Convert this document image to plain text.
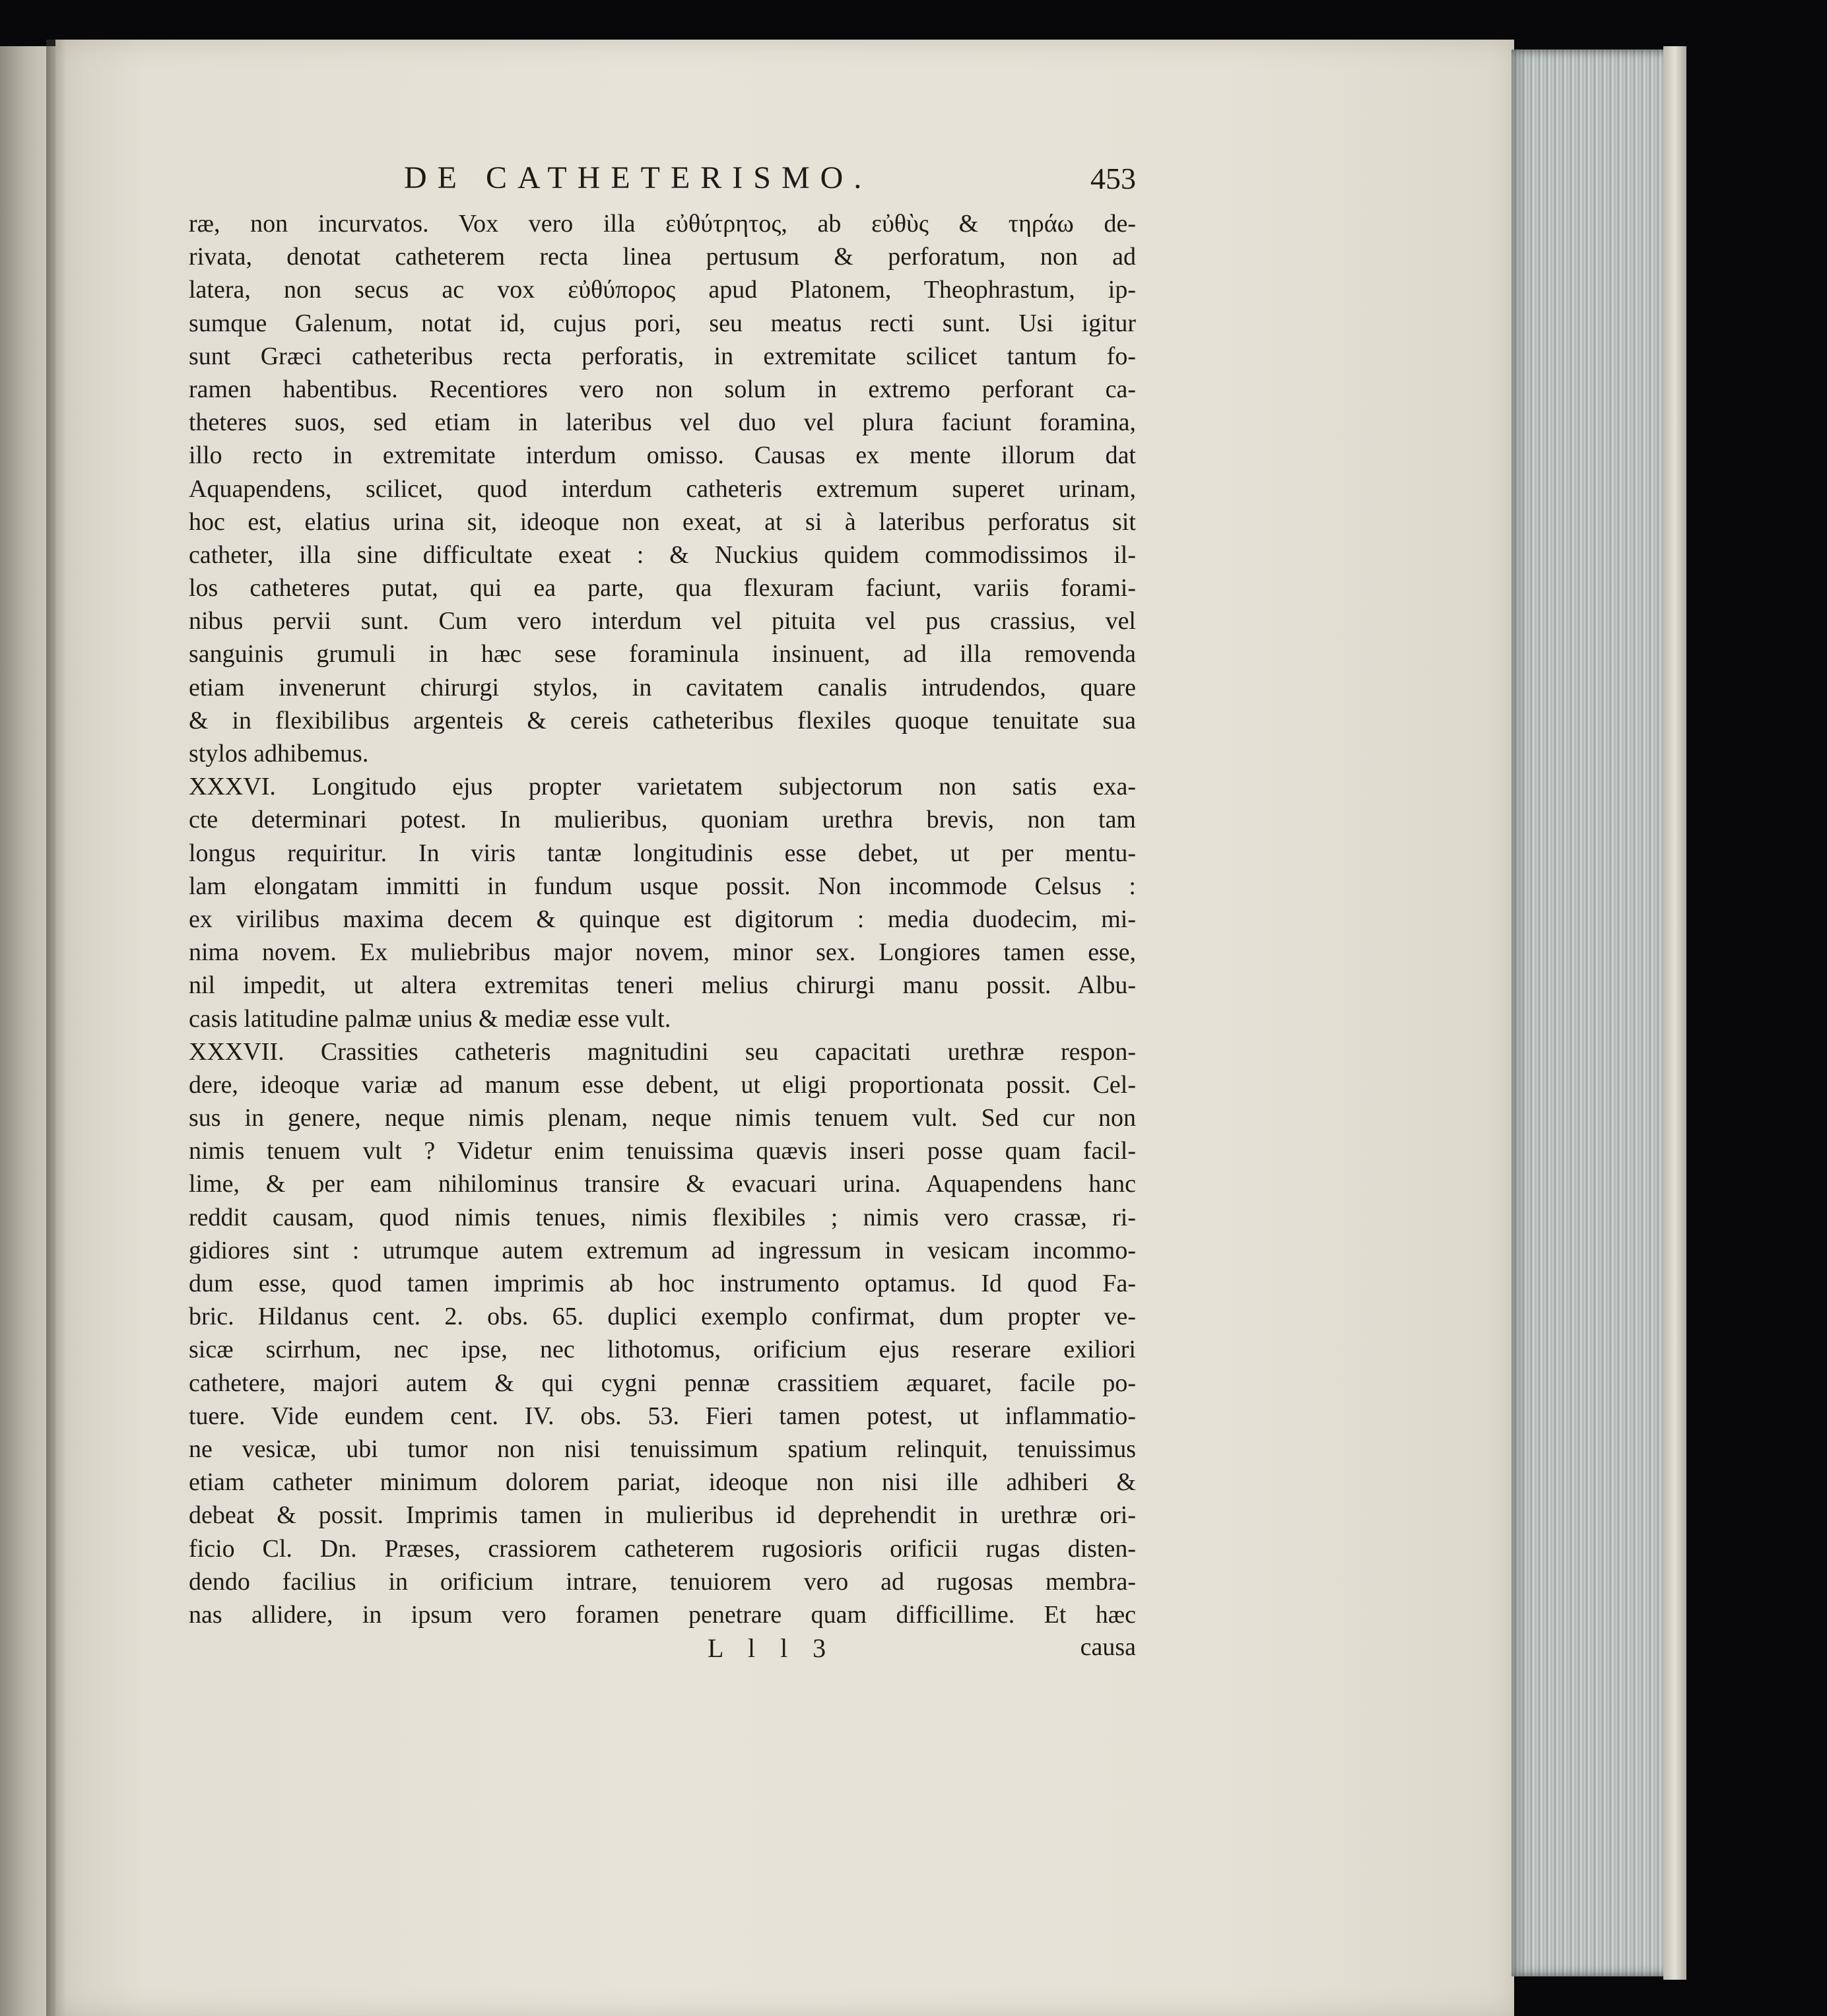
DE CATHETERISMO.	453
ræ, non incurvatos. Vox vero illa εὐθύτρητος, ab εὐθὺς & τηράω de-
rivata, denotat catheterem recta linea pertusum & perforatum, non ad
latera, non secus ac vox εὐθύπορος apud Platonem, Theophrastum, ip-
sumque Galenum, notat id, cujus pori, seu meatus recti sunt. Usi igitur
sunt Græci catheteribus recta perforatis, in extremitate scilicet tantum fo-
ramen habentibus. Recentiores vero non solum in extremo perforant ca-
theteres suos, sed etiam in lateribus vel duo vel plura faciunt foramina,
illo recto in extremitate interdum omisso. Causas ex mente illorum dat
Aquapendens, scilicet, quod interdum catheteris extremum superet urinam,
hoc est, elatius urina sit, ideoque non exeat, at si à lateribus perforatus sit
catheter, illa sine difficultate exeat : & Nuckius quidem commodissimos il-
los catheteres putat, qui ea parte, qua flexuram faciunt, variis forami-
nibus pervii sunt. Cum vero interdum vel pituita vel pus crassius, vel
sanguinis grumuli in hæc sese foraminula insinuent, ad illa removenda
etiam invenerunt chirurgi stylos, in cavitatem canalis intrudendos, quare
& in flexibilibus argenteis & cereis catheteribus flexiles quoque tenuitate sua
stylos adhibemus.
XXXVI. Longitudo ejus propter varietatem subjectorum non satis exa-
cte determinari potest. In mulieribus, quoniam urethra brevis, non tam
longus requiritur. In viris tantæ longitudinis esse debet, ut per mentu-
lam elongatam immitti in fundum usque possit. Non incommode Celsus :
ex virilibus maxima decem & quinque est digitorum : media duodecim, mi-
nima novem. Ex muliebribus major novem, minor sex. Longiores tamen esse,
nil impedit, ut altera extremitas teneri melius chirurgi manu possit. Albu-
casis latitudine palmæ unius & mediæ esse vult.
XXXVII. Crassities catheteris magnitudini seu capacitati urethræ respon-
dere, ideoque variæ ad manum esse debent, ut eligi proportionata possit. Cel-
sus in genere, neque nimis plenam, neque nimis tenuem vult. Sed cur non
nimis tenuem vult ? Videtur enim tenuissima quævis inseri posse quam facil-
lime, & per eam nihilominus transire & evacuari urina. Aquapendens hanc
reddit causam, quod nimis tenues, nimis flexibiles ; nimis vero crassæ, ri-
gidiores sint : utrumque autem extremum ad ingressum in vesicam incommo-
dum esse, quod tamen imprimis ab hoc instrumento optamus. Id quod Fa-
bric. Hildanus cent. 2. obs. 65. duplici exemplo confirmat, dum propter ve-
sicæ scirrhum, nec ipse, nec lithotomus, orificium ejus reserare exiliori
cathetere, majori autem & qui cygni pennæ crassitiem æquaret, facile po-
tuere. Vide eundem cent. IV. obs. 53. Fieri tamen potest, ut inflammatio-
ne vesicæ, ubi tumor non nisi tenuissimum spatium relinquit, tenuissimus
etiam catheter minimum dolorem pariat, ideoque non nisi ille adhiberi &
debeat & possit. Imprimis tamen in mulieribus id deprehendit in urethræ ori-
ficio Cl. Dn. Præses, crassiorem catheterem rugosioris orificii rugas disten-
dendo facilius in orificium intrare, tenuiorem vero ad rugosas membra-
nas allidere, in ipsum vero foramen penetrare quam difficillime. Et hæc
L l l 3	causa
